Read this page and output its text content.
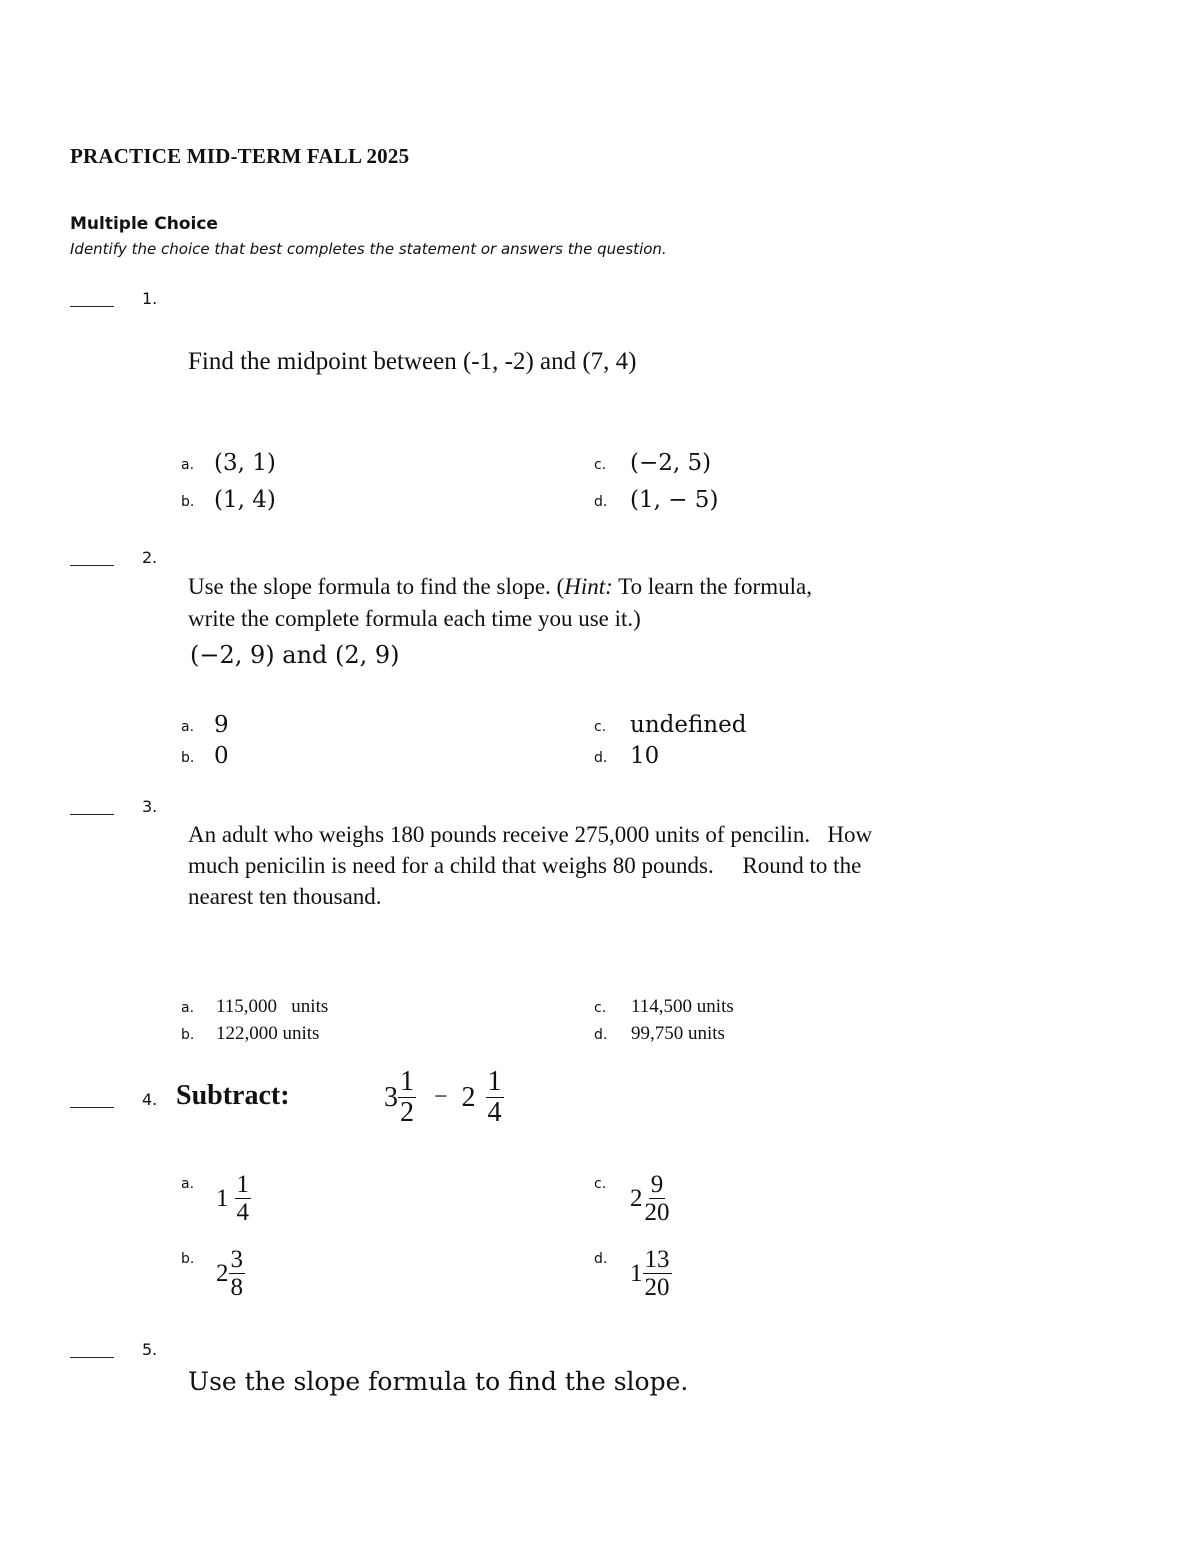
PRACTICE MID-TERM FALL 2025
Multiple Choice
Identify the choice that best completes the statement or answers the question.
1.
Find the midpoint between (-1, -2) and (7, 4)
a. (3, 1)
b. (1, 4)
c. (−2, 5)
d. (1, − 5)
2.
Use the slope formula to find the slope. (Hint: To learn the formula,
write the complete formula each time you use it.)
(−2, 9) and (2, 9)
a. 9
b. 0
c. undefined
d. 10
3.
An adult who weighs 180 pounds receive 275,000 units of pencilin.   How
much penicilin is need for a child that weighs 80 pounds.     Round to the
nearest ten thousand.
a. 115,000   units
b. 122,000 units
c. 114,500 units
d. 99,750 units
4. Subtract:	$3 \frac{1}{2} - 2 \frac{1}{4}$
a.
$1 \frac{1}{4}$
b.
$2 \frac{3}{8}$
c.
$2 \frac{9}{20}$
d.
$1 \frac{13}{20}$
5.
Use the slope formula to find the slope.
